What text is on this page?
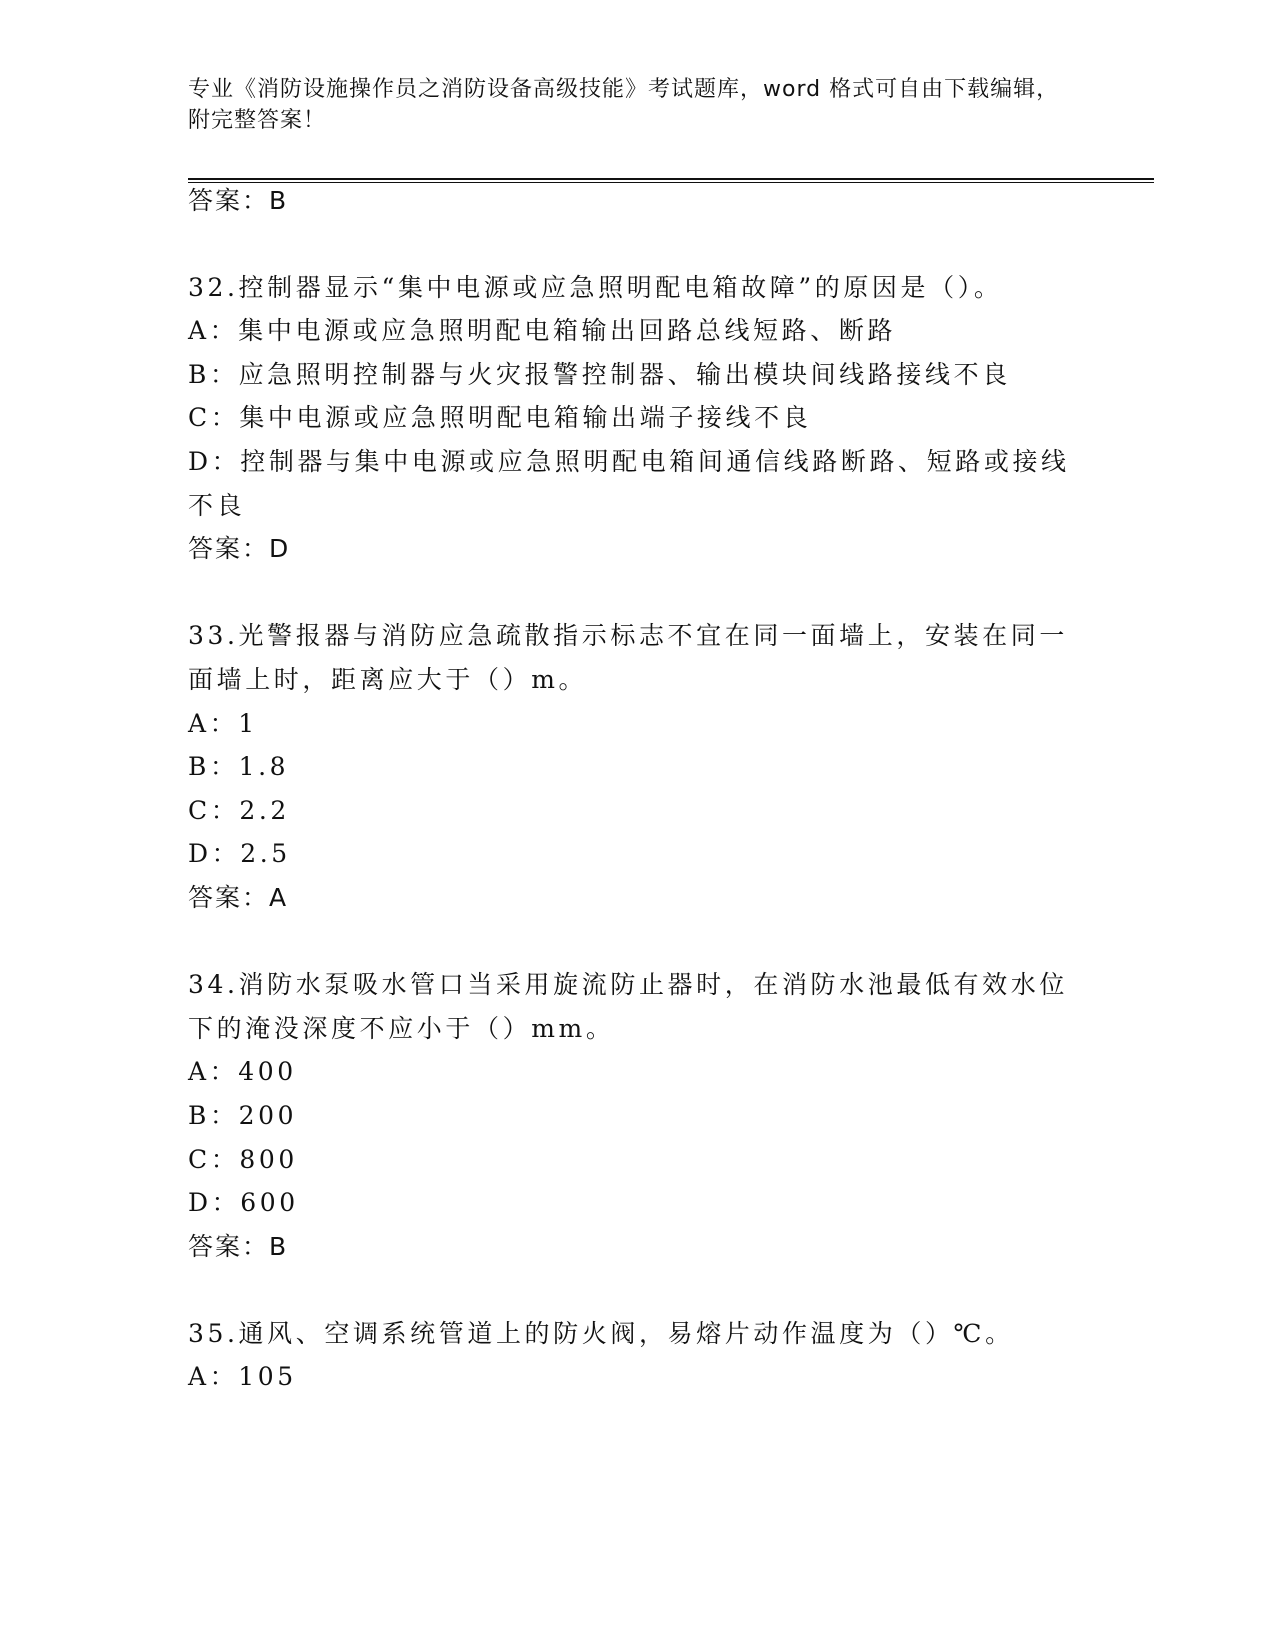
专业《消防设施操作员之消防设备高级技能》考试题库，word 格式可自由下载编辑，附完整答案！
答案：B
32.控制器显示“集中电源或应急照明配电箱故障”的原因是（）。
A：集中电源或应急照明配电箱输出回路总线短路、断路
B：应急照明控制器与火灾报警控制器、输出模块间线路接线不良
C：集中电源或应急照明配电箱输出端子接线不良
D：控制器与集中电源或应急照明配电箱间通信线路断路、短路或接线
不良
答案：D
33.光警报器与消防应急疏散指示标志不宜在同一面墙上，安装在同一
面墙上时，距离应大于（）m。
A：1
B：1.8
C：2.2
D：2.5
答案：A
34.消防水泵吸水管口当采用旋流防止器时，在消防水池最低有效水位
下的淹没深度不应小于（）mm。
A：400
B：200
C：800
D：600
答案：B
35.通风、空调系统管道上的防火阀，易熔片动作温度为（）℃。
A：105
